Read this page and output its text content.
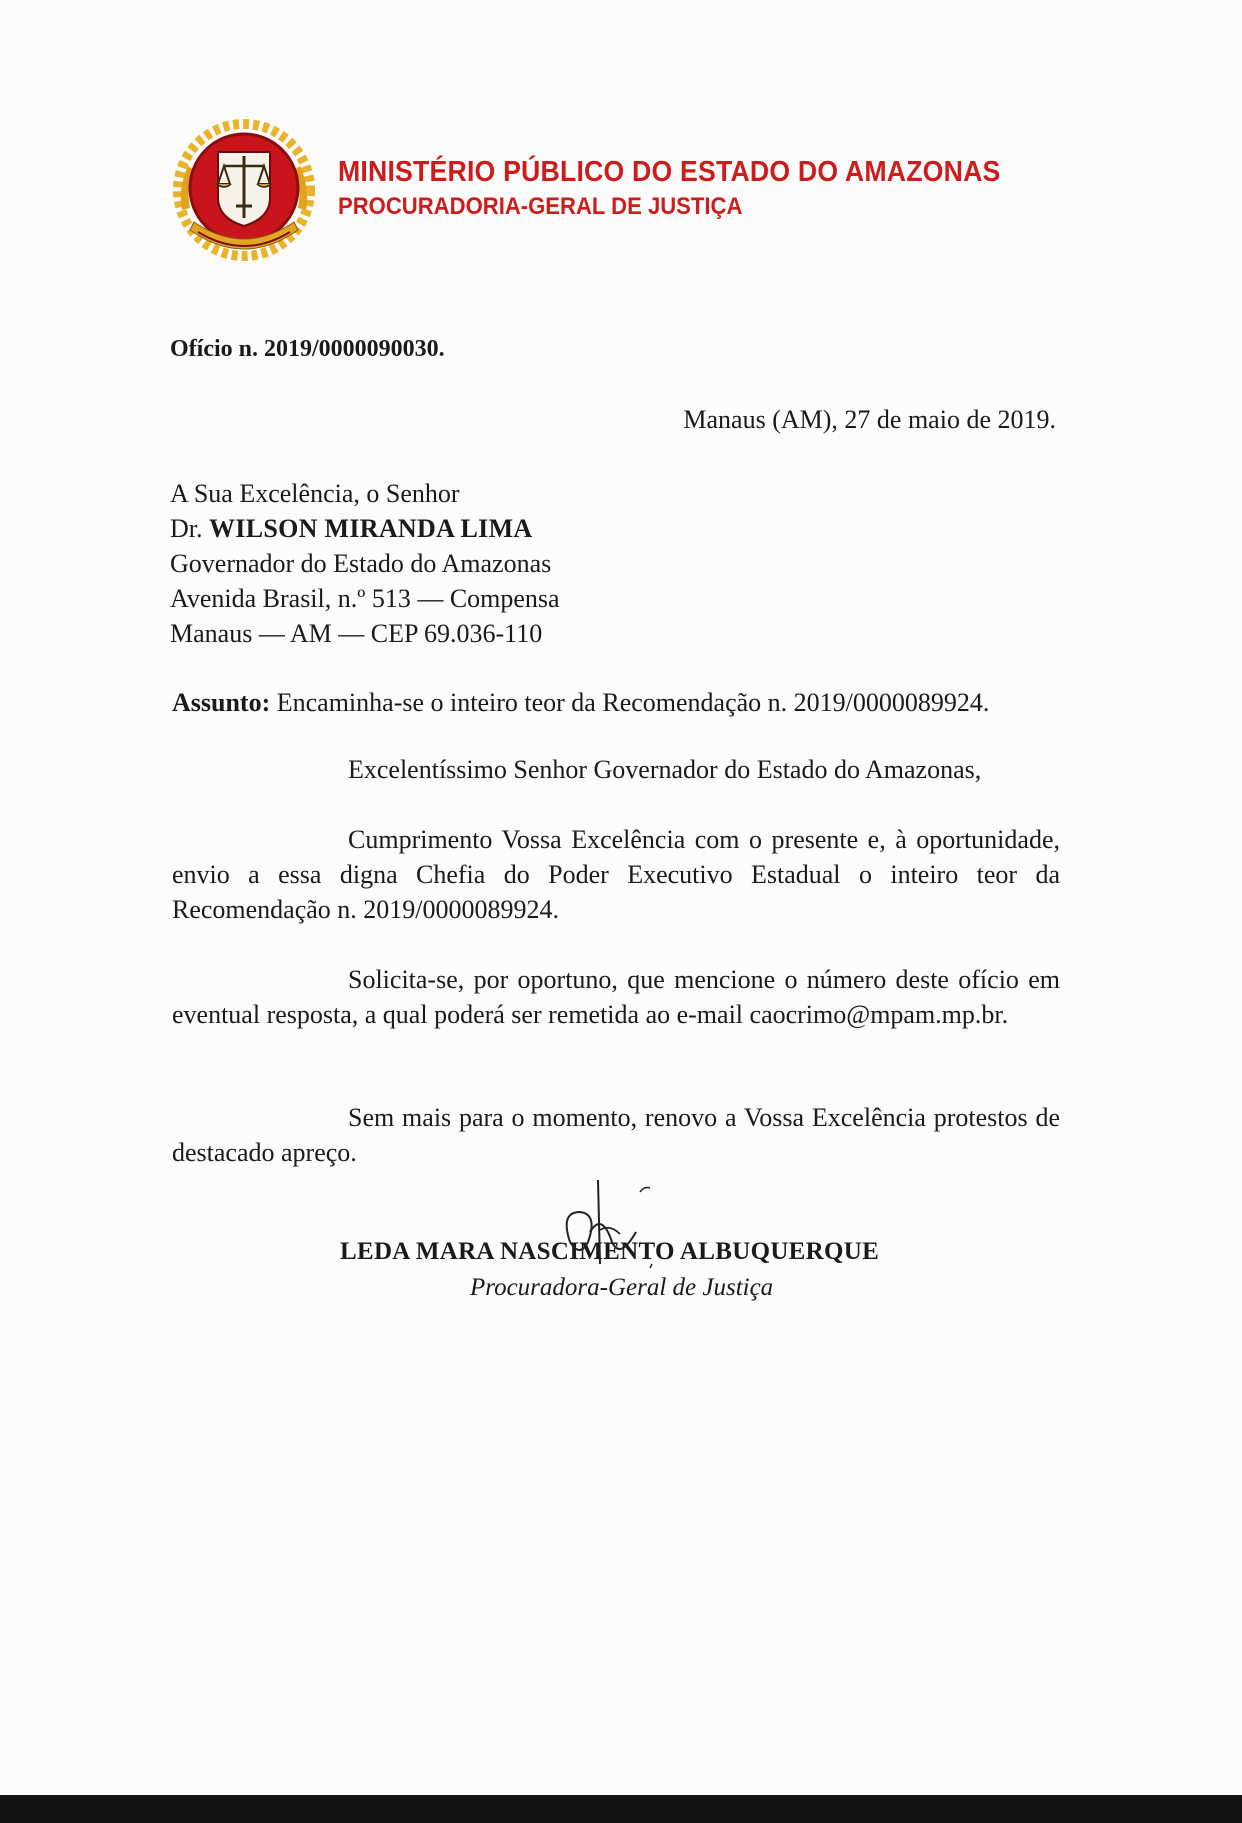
MINISTÉRIO PÚBLICO DO ESTADO DO AMAZONAS
PROCURADORIA-GERAL DE JUSTIÇA
Ofício n. 2019/0000090030.
Manaus (AM), 27 de maio de 2019.
A Sua Excelência, o Senhor
Dr. WILSON MIRANDA LIMA
Governador do Estado do Amazonas
Avenida Brasil, n.º 513 — Compensa
Manaus — AM — CEP 69.036-110
Assunto: Encaminha-se o inteiro teor da Recomendação n. 2019/0000089924.
Excelentíssimo Senhor Governador do Estado do Amazonas,
Cumprimento Vossa Excelência com o presente e, à oportunidade, envio a essa digna Chefia do Poder Executivo Estadual o inteiro teor da Recomendação n. 2019/0000089924.
Solicita-se, por oportuno, que mencione o número deste ofício em eventual resposta, a qual poderá ser remetida ao e-mail caocrimo@mpam.mp.br.
Sem mais para o momento, renovo a Vossa Excelência protestos de destacado apreço.
LEDA MARA NASCIMENTO ALBUQUERQUE
Procuradora-Geral de Justiça
